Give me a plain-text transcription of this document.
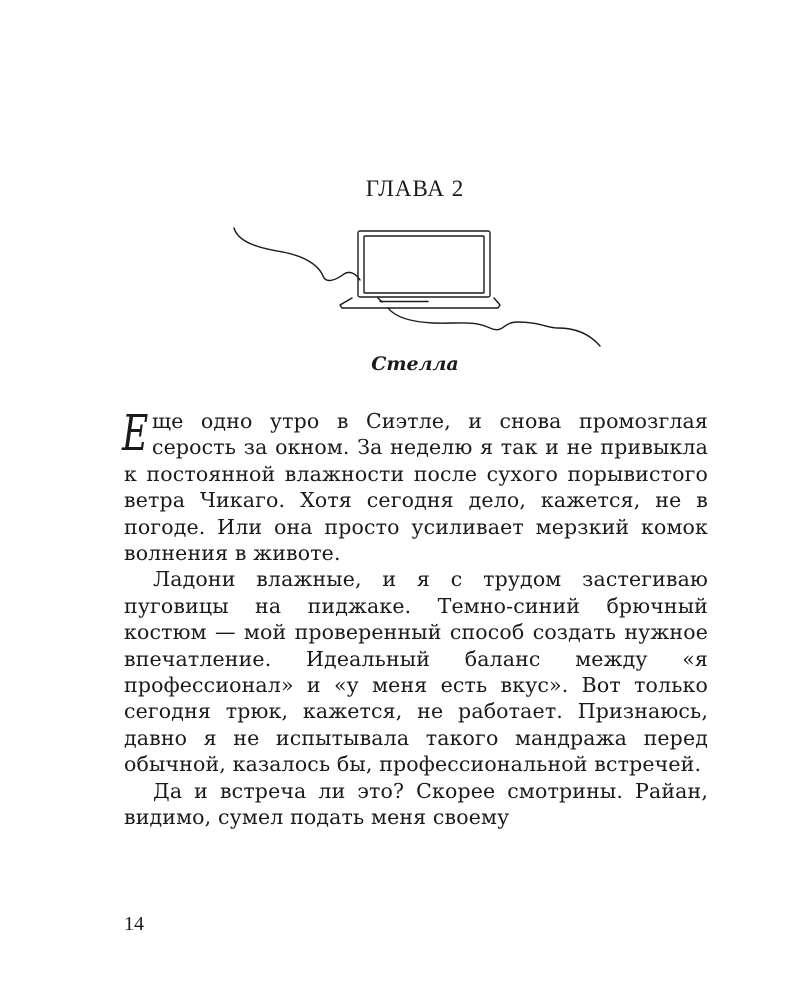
ГЛАВА 2
Стелла

Еще одно утро в Сиэтле, и снова промозглая серость за окном. За неделю я так и не привыкла к постоянной влажности после сухого порывистого ветра Чикаго. Хотя сегодня дело, кажется, не в погоде. Или она просто усиливает мерзкий комок волнения в животе.

Ладони влажные, и я с трудом застегиваю пуговицы на пиджаке. Темно-синий брючный костюм — мой проверенный способ создать нужное впечатление. Идеальный баланс между «я профессионал» и «у меня есть вкус». Вот только сегодня трюк, кажется, не работает. Признаюсь, давно я не испытывала такого мандража перед обычной, казалось бы, профессиональной встречей.

Да и встреча ли это? Скорее смотрины. Райан, видимо, сумел подать меня своему

14
